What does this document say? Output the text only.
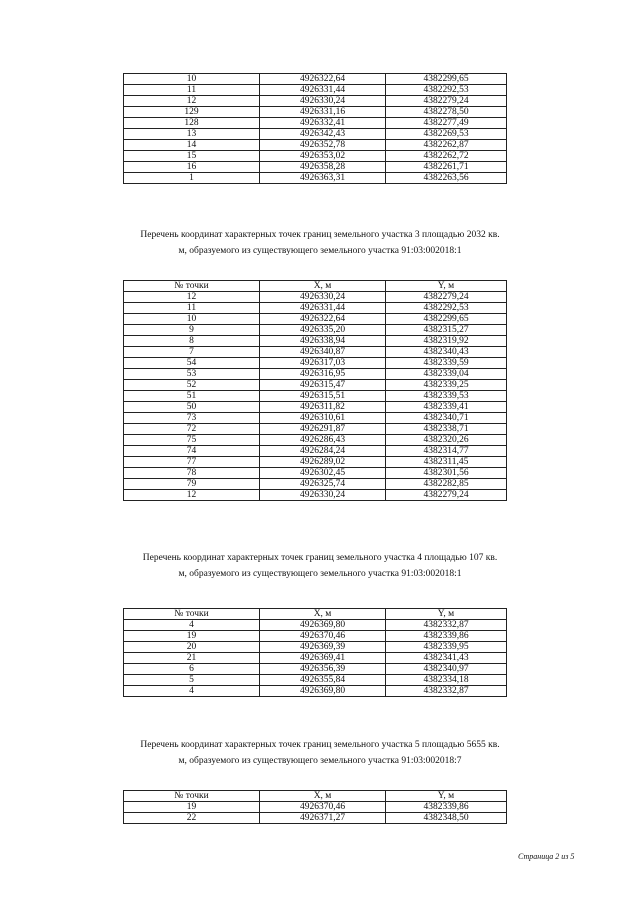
10	4926322,64	4382299,65
11	4926331,44	4382292,53
12	4926330,24	4382279,24
129	4926331,16	4382278,50
128	4926332,41	4382277,49
13	4926342,43	4382269,53
14	4926352,78	4382262,87
15	4926353,02	4382262,72
16	4926358,28	4382261,71
1	4926363,31	4382263,56
Перечень координат характерных точек границ земельного участка 3 площадью 2032 кв.
м, образуемого из существующего земельного участка 91:03:002018:1
№ точки	X, м	Y, м
12	4926330,24	4382279,24
11	4926331,44	4382292,53
10	4926322,64	4382299,65
9	4926335,20	4382315,27
8	4926338,94	4382319,92
7	4926340,87	4382340,43
54	4926317,03	4382339,59
53	4926316,95	4382339,04
52	4926315,47	4382339,25
51	4926315,51	4382339,53
50	4926311,82	4382339,41
73	4926310,61	4382340,71
72	4926291,87	4382338,71
75	4926286,43	4382320,26
74	4926284,24	4382314,77
77	4926289,02	4382311,45
78	4926302,45	4382301,56
79	4926325,74	4382282,85
12	4926330,24	4382279,24
Перечень координат характерных точек границ земельного участка 4 площадью 107 кв.
м, образуемого из существующего земельного участка 91:03:002018:1
№ точки	X, м	Y, м
4	4926369,80	4382332,87
19	4926370,46	4382339,86
20	4926369,39	4382339,95
21	4926369,41	4382341,43
6	4926356,39	4382340,97
5	4926355,84	4382334,18
4	4926369,80	4382332,87
Перечень координат характерных точек границ земельного участка 5 площадью 5655 кв.
м, образуемого из существующего земельного участка 91:03:002018:7
№ точки	X, м	Y, м
19	4926370,46	4382339,86
22	4926371,27	4382348,50
Страница 2 из 5
